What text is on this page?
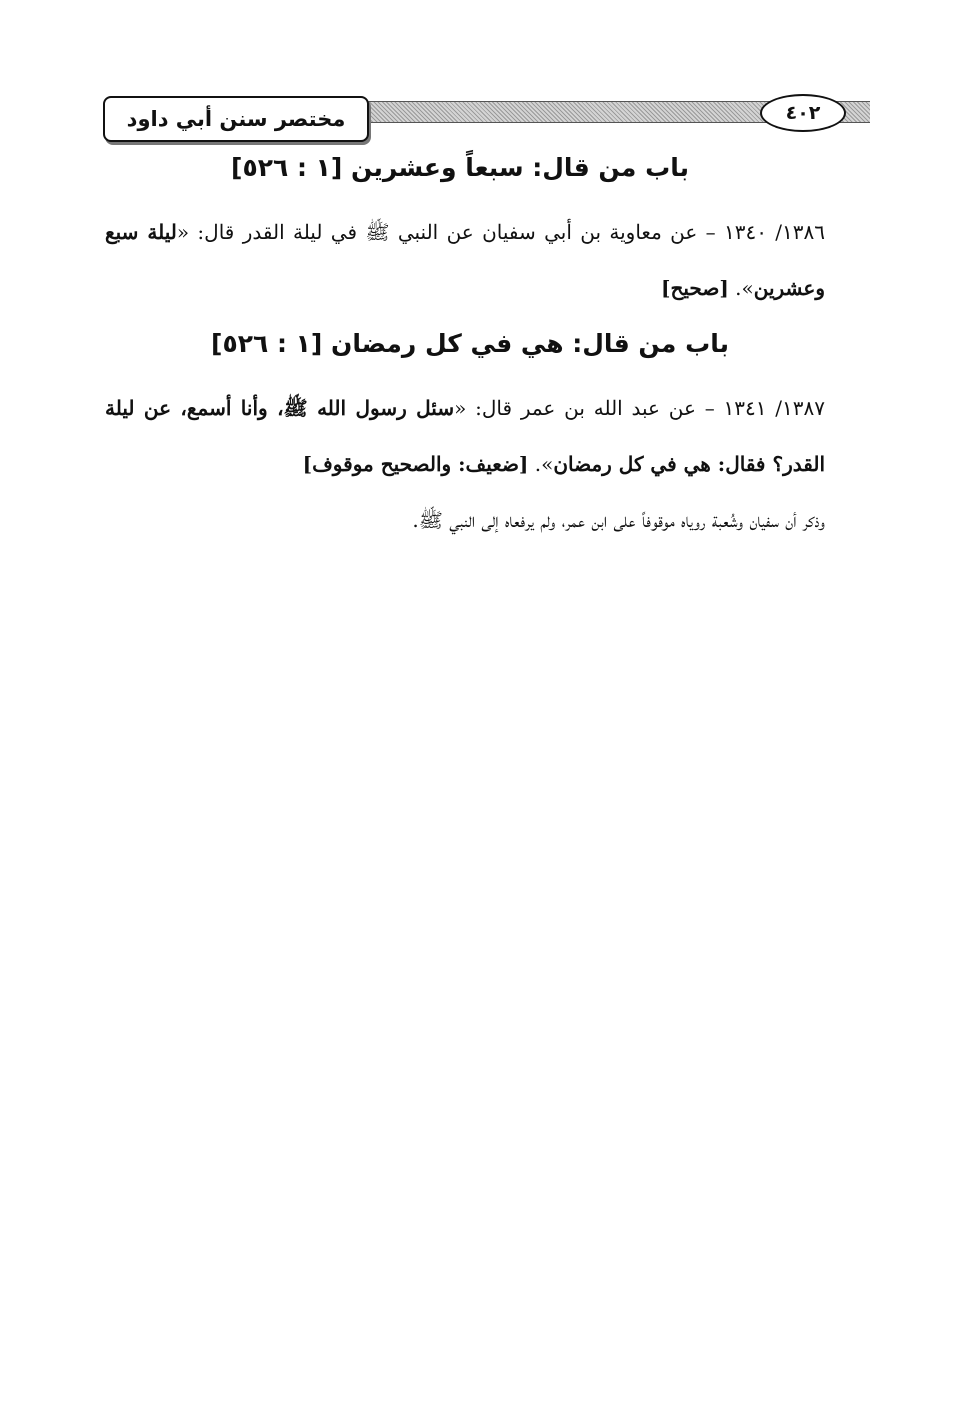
مختصر سنن أبي داود	٤٠٢
باب من قال: سبعاً وعشرين [١ : ٥٢٦]

١٣٨٦/ ١٣٤٠ – عن معاوية بن أبي سفيان عن النبي ﷺ في ليلة القدر قال: «ليلة سبع وعشرين». [صحيح]

باب من قال: هي في كل رمضان [١ : ٥٢٦]

١٣٨٧/ ١٣٤١ – عن عبد الله بن عمر قال: «سئل رسول الله ﷺ، وأنا أسمع، عن ليلة القدر؟ فقال: هي في كل رمضان». [ضعيف: والصحيح موقوف]

وذكر أن سفيان وشُعبة روياه موقوفاً على ابن عمر، ولم يرفعاه إلى النبي ﷺ.
